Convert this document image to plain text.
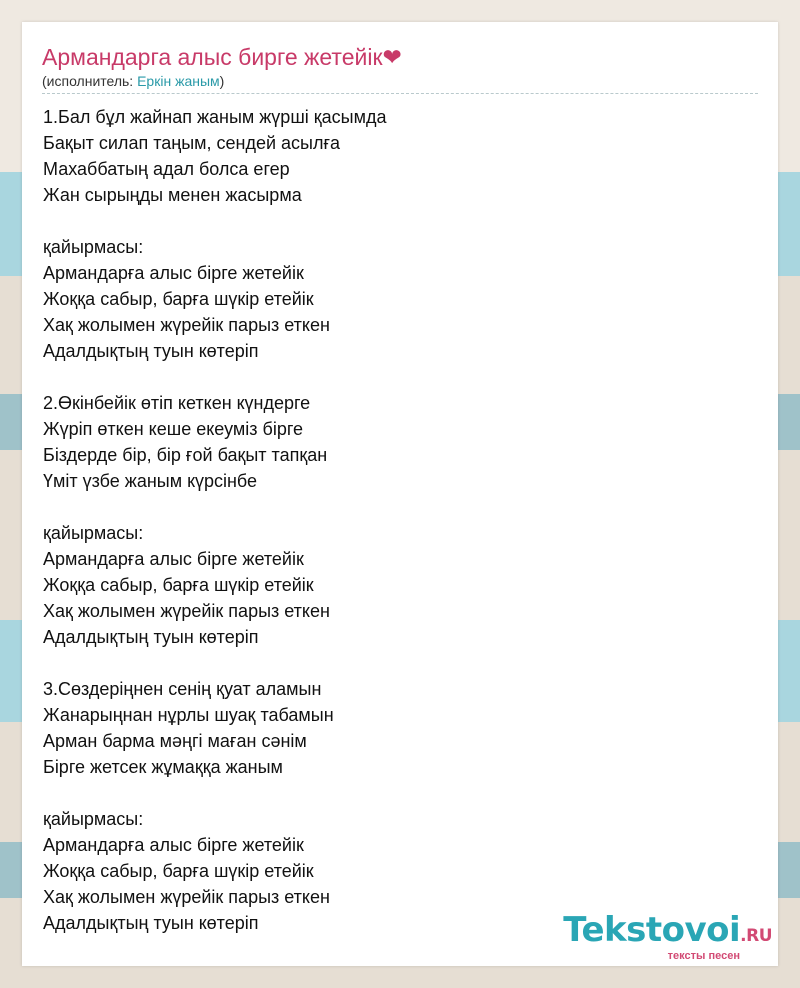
Армандарга алыс бирге жетейік❤
(исполнитель: Еркін жаным)
1.Бал бұл жайнап жаным жүрші қасымда
Бақыт силап таңым, сендей асылға
Махаббатың адал болса егер
Жан сырыңды менен жасырма

қайырмасы:
Армандарға алыс бірге жетейік
Жоққа сабыр, барға шүкір етейік
Хақ жолымен жүрейік парыз еткен
Адалдықтың туын көтеріп

2.Өкінбейік өтіп кеткен күндерге
Жүріп өткен кеше екеуміз бірге
Біздерде бір, бір ғой бақыт тапқан
Үміт үзбе жаным күрсінбе

қайырмасы:
Армандарға алыс бірге жетейік
Жоққа сабыр, барға шүкір етейік
Хақ жолымен жүрейік парыз еткен
Адалдықтың туын көтеріп

3.Сөздеріңнен сенің қуат аламын
Жанарыңнан нұрлы шуақ табамын
Арман барма мәңгі маған сәнім
Бірге жетсек жұмаққа жаным

қайырмасы:
Армандарға алыс бірге жетейік
Жоққа сабыр, барға шүкір етейік
Хақ жолымен жүрейік парыз еткен
Адалдықтың туын көтеріп	Tekstovoi.RU
тексты песен
